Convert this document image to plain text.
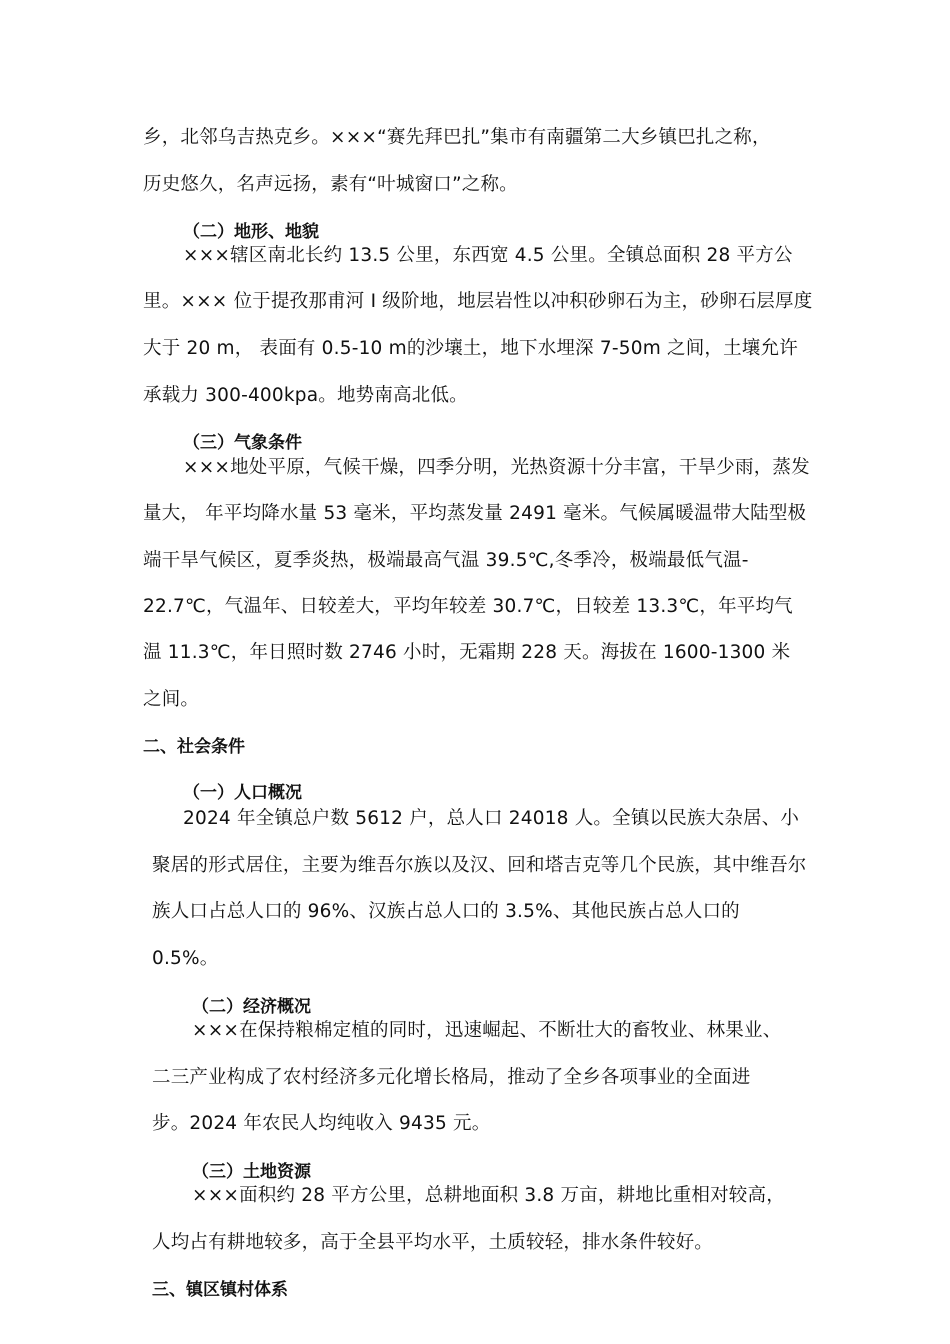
乡，北邻乌吉热克乡。×××“赛先拜巴扎”集市有南疆第二大乡镇巴扎之称，
历史悠久，名声远扬，素有“叶城窗口”之称。
（二）地形、地貌
×××辖区南北长约 13.5 公里，东西宽 4.5 公里。全镇总面积 28 平方公
里。××× 位于提孜那甫河 I 级阶地，地层岩性以冲积砂卵石为主，砂卵石层厚度
大于 20 m， 表面有 0.5-10 m的沙壤土，地下水埋深 7-50m 之间，土壤允许
承载力 300-400kpa。地势南高北低。
（三）气象条件
×××地处平原，气候干燥，四季分明，光热资源十分丰富，干旱少雨，蒸发
量大， 年平均降水量 53 毫米，平均蒸发量 2491 毫米。气候属暖温带大陆型极
端干旱气候区，夏季炎热，极端最高气温 39.5℃,冬季冷，极端最低气温-
22.7℃，气温年、日较差大，平均年较差 30.7℃，日较差 13.3℃，年平均气
温 11.3℃，年日照时数 2746 小时，无霜期 228 天。海拔在 1600-1300 米
之间。
二、社会条件
（一）人口概况
2024 年全镇总户数 5612 户，总人口 24018 人。全镇以民族大杂居、小
聚居的形式居住，主要为维吾尔族以及汉、回和塔吉克等几个民族，其中维吾尔
族人口占总人口的 96%、汉族占总人口的 3.5%、其他民族占总人口的
0.5%。
（二）经济概况
×××在保持粮棉定植的同时，迅速崛起、不断壮大的畜牧业、林果业、
二三产业构成了农村经济多元化增长格局，推动了全乡各项事业的全面进
步。2024 年农民人均纯收入 9435 元。
（三）土地资源
×××面积约 28 平方公里，总耕地面积 3.8 万亩，耕地比重相对较高，
人均占有耕地较多，高于全县平均水平，土质较轻，排水条件较好。
三、镇区镇村体系
